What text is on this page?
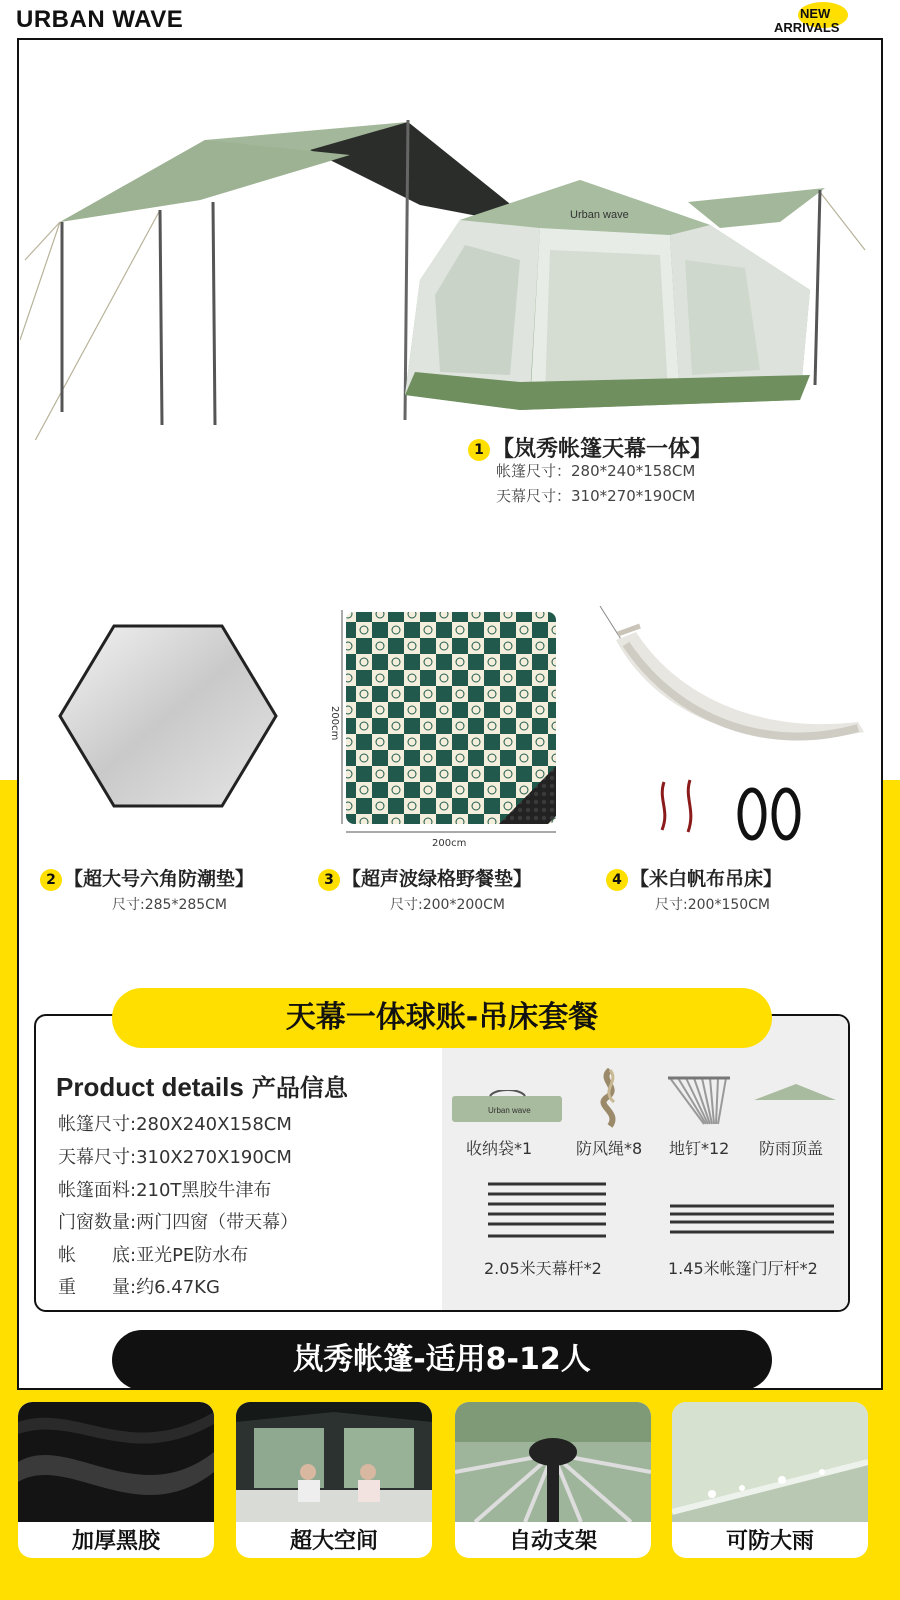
URBAN WAVE	NEW
ARRIVALS
Urban wave
1 【岚秀帐篷天幕一体】
帐篷尺寸：280*240*158CM
天幕尺寸：310*270*190CM
200cm
200cm
2 【超大号六角防潮垫】
尺寸:285*285CM
3 【超声波绿格野餐垫】
尺寸:200*200CM
4 【米白帆布吊床】
尺寸:200*150CM
天幕一体球账-吊床套餐
Product details 产品信息
帐篷尺寸:280X240X158CM
天幕尺寸:310X270X190CM
帐篷面料:210T黑胶牛津布
门窗数量:两门四窗（带天幕）
帐　　底:亚光PE防水布
重　　量:约6.47KG
Urban wave
收纳袋*1	防风绳*8 地钉*12 防雨顶盖
2.05米天幕杆*2	1.45米帐篷门厅杆*2
岚秀帐篷-适用8-12人
加厚黑胶	超大空间	自动支架	可防大雨
